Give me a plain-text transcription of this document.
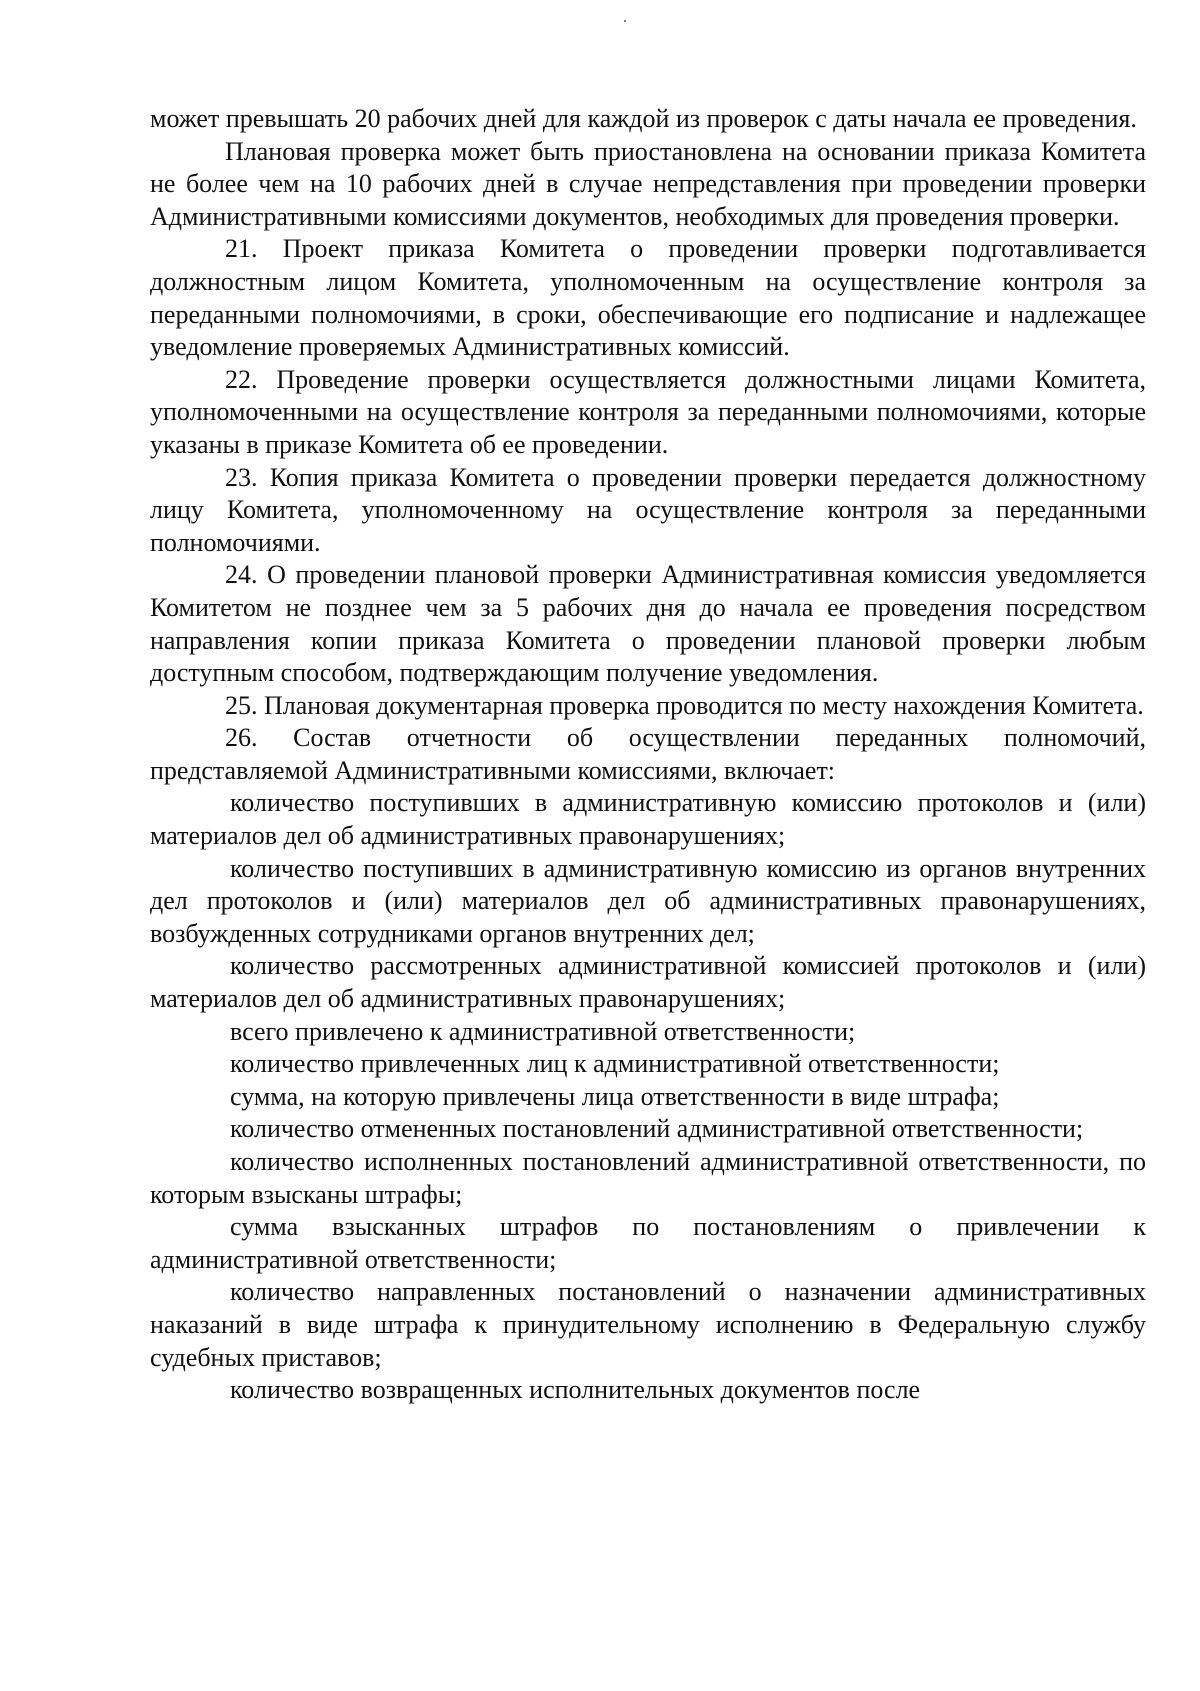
может превышать 20 рабочих дней для каждой из проверок с даты начала ее проведения.

Плановая проверка может быть приостановлена на основании приказа Комитета не более чем на 10 рабочих дней в случае непредставления при проведении проверки Административными комиссиями документов, необходимых для проведения проверки.

21. Проект приказа Комитета о проведении проверки подготавливается должностным лицом Комитета, уполномоченным на осуществление контроля за переданными полномочиями, в сроки, обеспечивающие его подписание и надлежащее уведомление проверяемых Административных комиссий.

22. Проведение проверки осуществляется должностными лицами Комитета, уполномоченными на осуществление контроля за переданными полномочиями, которые указаны в приказе Комитета об ее проведении.

23. Копия приказа Комитета о проведении проверки передается должностному лицу Комитета, уполномоченному на осуществление контроля за переданными полномочиями.

24. О проведении плановой проверки Административная комиссия уведомляется Комитетом не позднее чем за 5 рабочих дня до начала ее проведения посредством направления копии приказа Комитета о проведении плановой проверки любым доступным способом, подтверждающим получение уведомления.

25. Плановая документарная проверка проводится по месту нахождения Комитета.

26. Состав отчетности об осуществлении переданных полномочий, представляемой Административными комиссиями, включает:

количество поступивших в административную комиссию протоколов и (или) материалов дел об административных правонарушениях;

количество поступивших в административную комиссию из органов внутренних дел протоколов и (или) материалов дел об административных правонарушениях, возбужденных сотрудниками органов внутренних дел;

количество рассмотренных административной комиссией протоколов и (или) материалов дел об административных правонарушениях;

всего привлечено к административной ответственности;

количество привлеченных лиц к административной ответственности;

сумма, на которую привлечены лица ответственности в виде штрафа;

количество отмененных постановлений административной ответственности;

количество исполненных постановлений административной ответственности, по которым взысканы штрафы;

сумма взысканных штрафов по постановлениям о привлечении к административной ответственности;

количество направленных постановлений о назначении административных наказаний в виде штрафа к принудительному исполнению в Федеральную службу судебных приставов;

количество возвращенных исполнительных документов после
